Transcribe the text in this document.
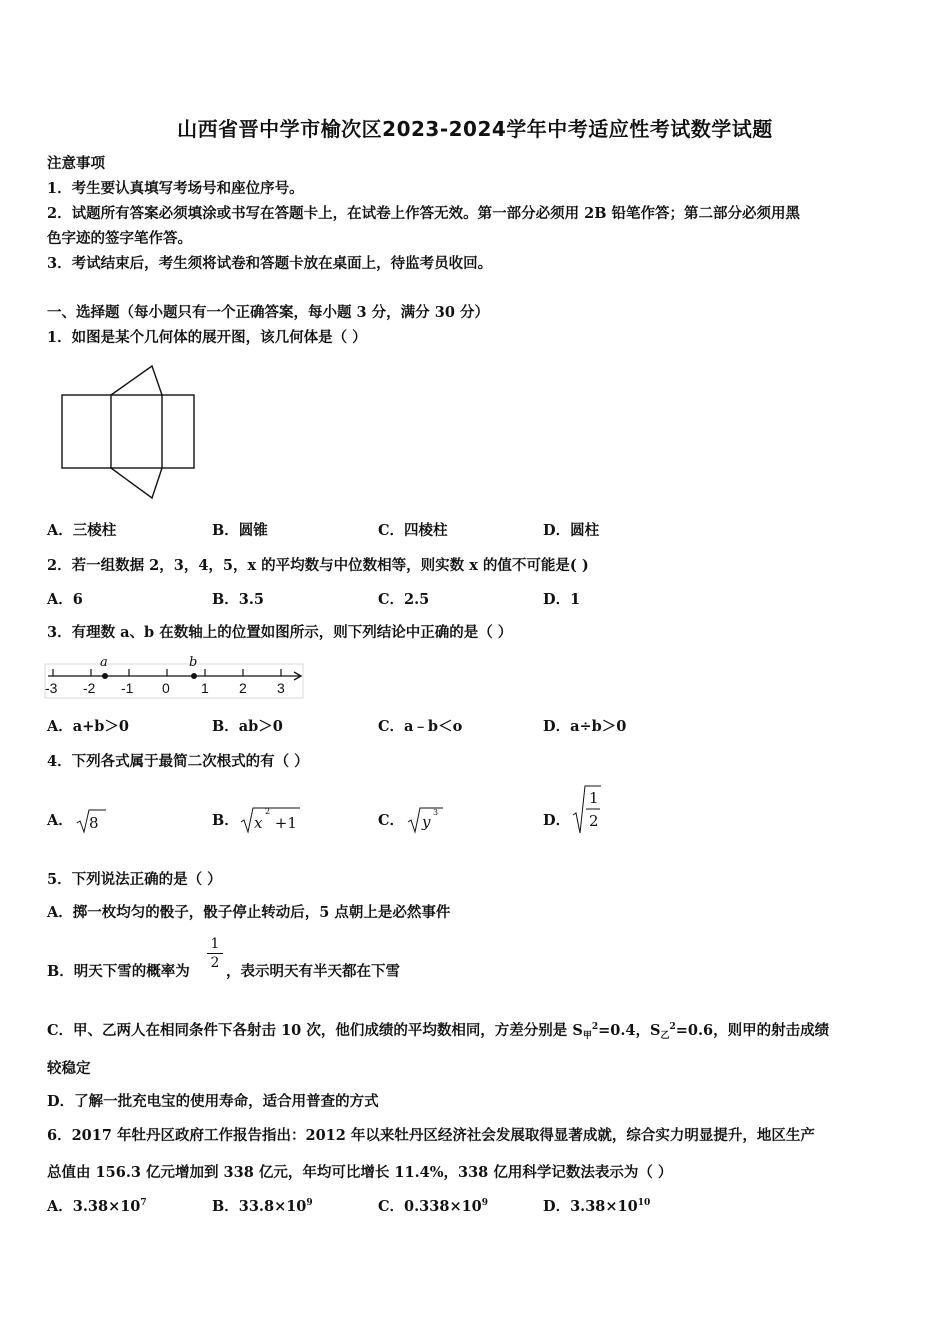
山西省晋中学市榆次区2023-2024学年中考适应性考试数学试题
注意事项
1．考生要认真填写考场号和座位序号。
2．试题所有答案必须填涂或书写在答题卡上，在试卷上作答无效。第一部分必须用 2B 铅笔作答；第二部分必须用黑
色字迹的签字笔作答。
3．考试结束后，考生须将试卷和答题卡放在桌面上，待监考员收回。
一、选择题（每小题只有一个正确答案，每小题 3 分，满分 30 分）
1．如图是某个几何体的展开图，该几何体是（ ）
A．三棱柱	B．圆锥	C．四棱柱	D．圆柱
2．若一组数据 2，3，4，5，x 的平均数与中位数相等，则实数 x 的值不可能是( )
A．6	B．3.5	C．2.5	D．1
3．有理数 a、b 在数轴上的位置如图所示，则下列结论中正确的是（ ）
a	b
-3 -2 -1 0 1 2 3
A．a+b＞0	B．ab＞0	C．a﹣b＜o	D．a÷b＞0
4．下列各式属于最简二次根式的有（ ）
A． 8	B． x
2
+1	C． y
3	D．
1
2
5．下列说法正确的是（ ）
A．掷一枚均匀的骰子，骰子停止转动后，5 点朝上是必然事件
B．明天下雪的概率为 $\frac{1}{2}$ ，表示明天有半天都在下雪
C．甲、乙两人在相同条件下各射击 10 次，他们成绩的平均数相同，方差分别是 $S_甲^2=0.4$，$S_乙^2=0.6$，则甲的射击成绩
较稳定
D．了解一批充电宝的使用寿命，适合用普查的方式
6．2017 年牡丹区政府工作报告指出：2012 年以来牡丹区经济社会发展取得显著成就，综合实力明显提升，地区生产
总值由 156.3 亿元增加到 338 亿元，年均可比增长 11.4%，338 亿用科学记数法表示为（ ）
A．$3.38\times 10^7$	B．$33.8\times 10^9$	C．$0.338\times 10^9$	D．$3.38\times 10^{10}$
